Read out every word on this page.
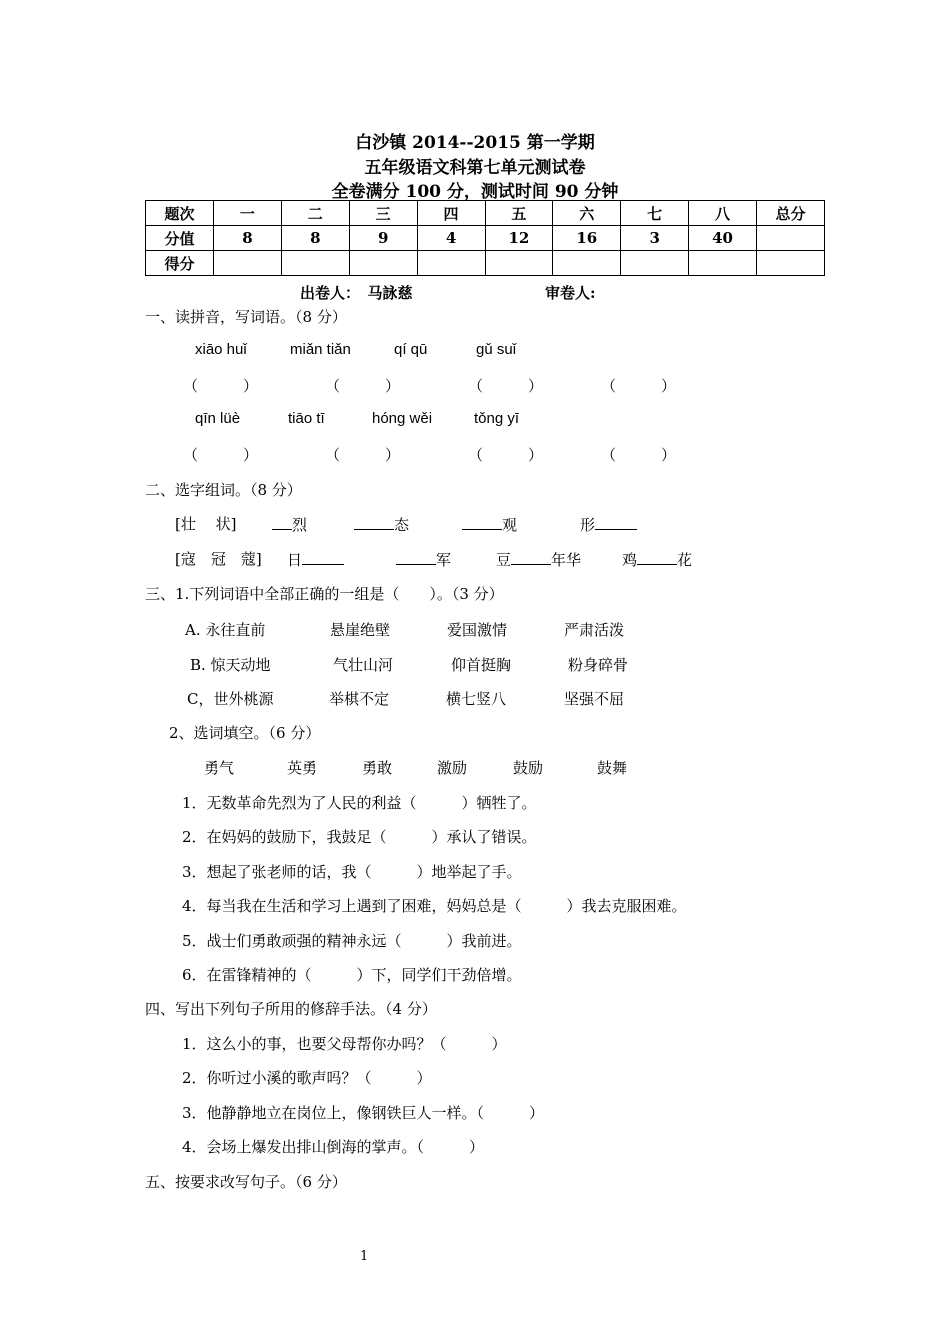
白沙镇 2014--2015 第一学期
五年级语文科第七单元测试卷
全卷满分 100 分，测试时间 90 分钟
题次	一	二	三	四	五	六	七	八	总分
分值	8	8	9	4	12	16	3	40	
得分									
出卷人：　马詠慈	审卷人:
一、读拼音，写词语。（8 分）
xiāo huǐ	miǎn tiǎn	qí qū	gǔ suǐ
（　　　）	（　　　）	（　　　）	（　　　）
qīn lüè	tiāo tī	hóng wěi	tǒng yī
（　　　）	（　　　）	（　　　）	（　　　）
二、选字组词。（8 分）
[壮　 状]	烈	态	观	形
[寇　冠　蔻] 日	军	豆	年华	鸡	花
三、1.下列词语中全部正确的一组是（　　）。（3 分）
A. 永往直前	悬崖绝壁	爱国激情	严肃活泼
B. 惊天动地	气壮山河	仰首挺胸	粉身碎骨
C，世外桃源	举棋不定	横七竖八	坚强不屈
2、选词填空。（6 分）
勇气	英勇	勇敢	激励	鼓励	鼓舞
1．无数革命先烈为了人民的利益（　　　）牺牲了。
2．在妈妈的鼓励下，我鼓足（　　　）承认了错误。
3．想起了张老师的话，我（　　　）地举起了手。
4．每当我在生活和学习上遇到了困难，妈妈总是（　　　）我去克服困难。
5．战士们勇敢顽强的精神永远（　　　）我前进。
6．在雷锋精神的（　　　）下，同学们干劲倍增。
四、写出下列句子所用的修辞手法。（4 分）
1．这么小的事，也要父母帮你办吗？（　　　）
2．你听过小溪的歌声吗？（　　　）
3．他静静地立在岗位上，像钢铁巨人一样。（　　　）
4．会场上爆发出排山倒海的掌声。（　　　）
五、按要求改写句子。（6 分）
1
